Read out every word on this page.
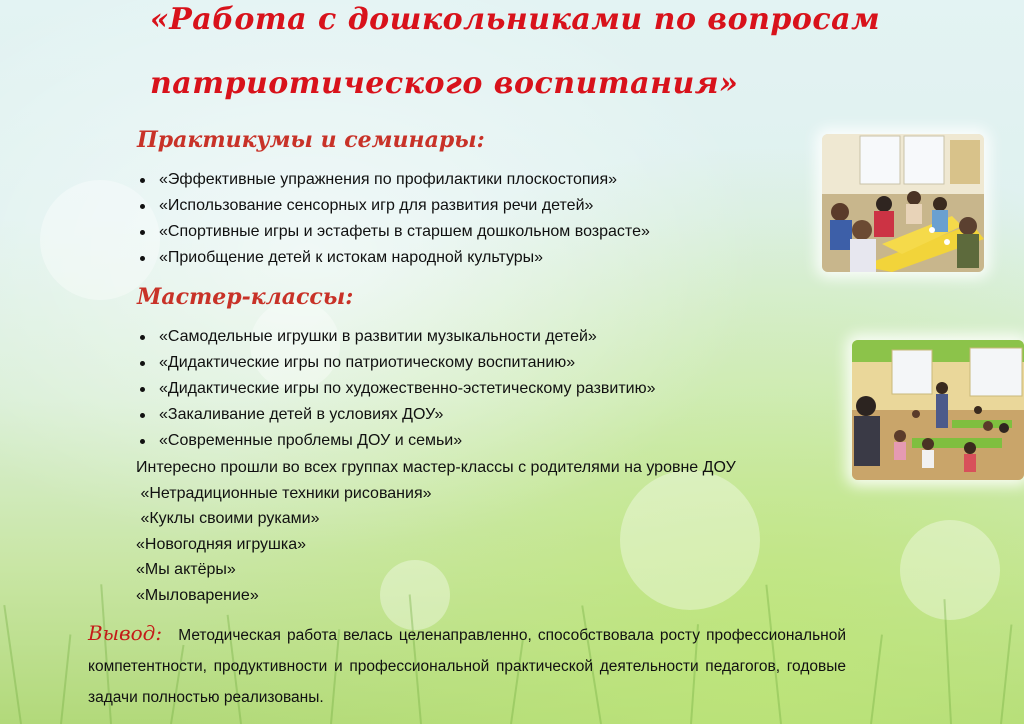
«Работа с дошкольниками по вопросам
патриотического воспитания»
Практикумы и семинары:
«Эффективные упражнения по профилактики плоскостопия»
«Использование сенсорных игр для развития речи детей»
«Спортивные игры и эстафеты в старшем дошкольном возрасте»
«Приобщение детей к истокам народной культуры»
Мастер-классы:
«Самодельные игрушки в развитии музыкальности детей»
«Дидактические игры по патриотическому воспитанию»
«Дидактические игры по художественно-эстетическому развитию»
«Закаливание детей в условиях ДОУ»
«Современные проблемы ДОУ и семьи»
Интересно прошли во всех группах мастер-классы с родителями на уровне ДОУ
«Нетрадиционные техники рисования»
«Куклы своими руками»
«Новогодняя игрушка»
«Мы актёры»
«Мыловарение»

Вывод: Методическая работа велась целенаправленно, способствовала росту профессиональной компетентности, продуктивности и профессиональной практической деятельности педагогов, годовые задачи полностью реализованы.
